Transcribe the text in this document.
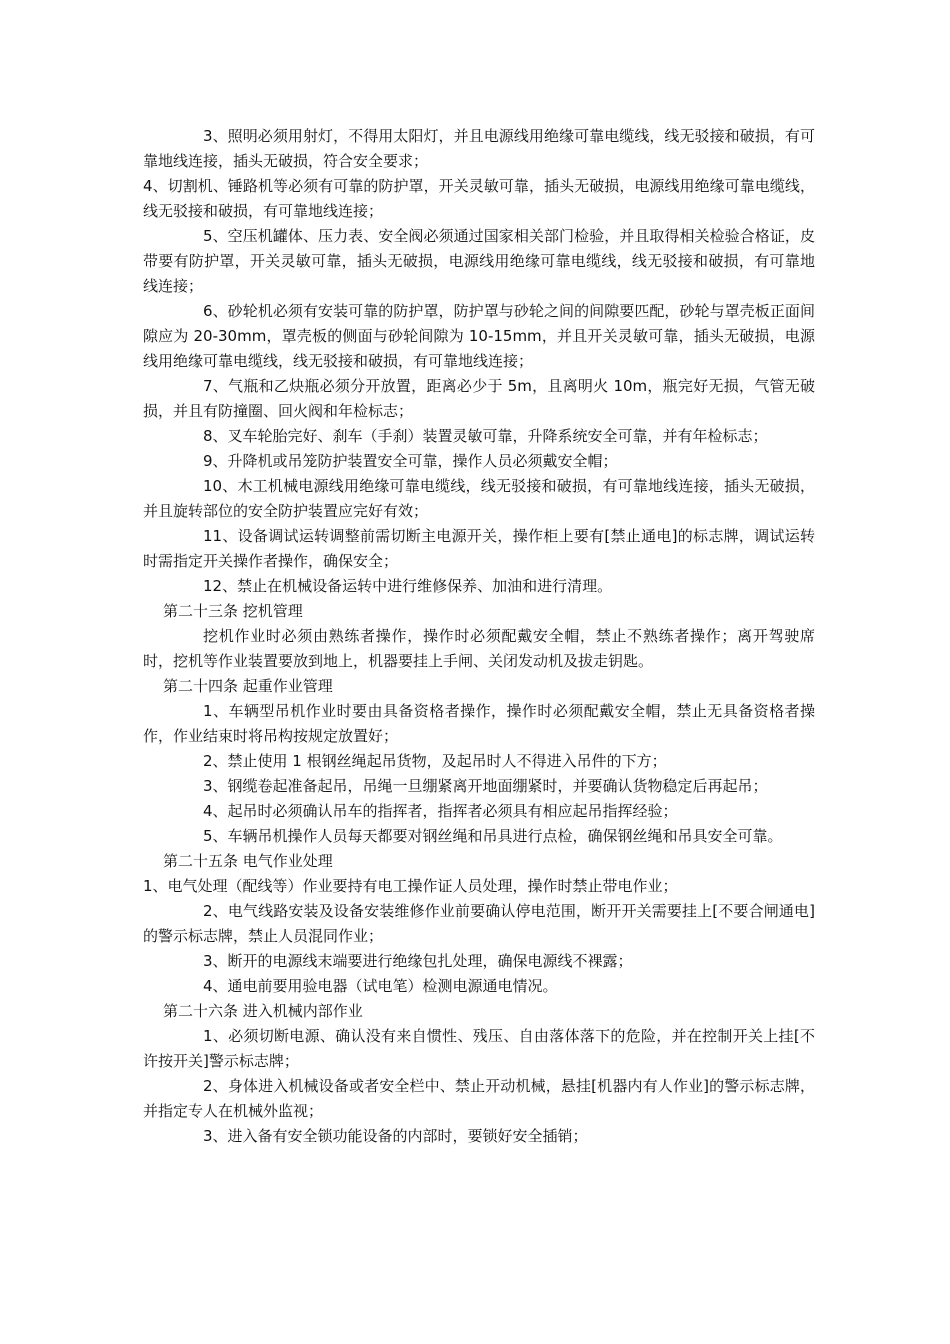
3、照明必须用射灯，不得用太阳灯，并且电源线用绝缘可靠电缆线，线无驳接和破损，有可靠地线连接，插头无破损，符合安全要求；

4、切割机、锤路机等必须有可靠的防护罩，开关灵敏可靠，插头无破损，电源线用绝缘可靠电缆线，线无驳接和破损，有可靠地线连接；

5、空压机罐体、压力表、安全阀必须通过国家相关部门检验，并且取得相关检验合格证，皮带要有防护罩，开关灵敏可靠，插头无破损，电源线用绝缘可靠电缆线，线无驳接和破损，有可靠地线连接；

6、砂轮机必须有安装可靠的防护罩，防护罩与砂轮之间的间隙要匹配，砂轮与罩壳板正面间隙应为 20-30mm，罩壳板的侧面与砂轮间隙为 10-15mm，并且开关灵敏可靠，插头无破损，电源线用绝缘可靠电缆线，线无驳接和破损，有可靠地线连接；

7、气瓶和乙炔瓶必须分开放置，距离必少于 5m，且离明火 10m，瓶完好无损，气管无破损，并且有防撞圈、回火阀和年检标志；

8、叉车轮胎完好、刹车（手刹）装置灵敏可靠，升降系统安全可靠，并有年检标志；

9、升降机或吊笼防护装置安全可靠，操作人员必须戴安全帽；

10、木工机械电源线用绝缘可靠电缆线，线无驳接和破损，有可靠地线连接，插头无破损，并且旋转部位的安全防护装置应完好有效；

11、设备调试运转调整前需切断主电源开关，操作柜上要有[禁止通电]的标志牌，调试运转时需指定开关操作者操作，确保安全；

12、禁止在机械设备运转中进行维修保养、加油和进行清理。

第二十三条 挖机管理

挖机作业时必须由熟练者操作，操作时必须配戴安全帽，禁止不熟练者操作；离开驾驶席时，挖机等作业装置要放到地上，机器要挂上手闸、关闭发动机及拔走钥匙。

第二十四条 起重作业管理

1、车辆型吊机作业时要由具备资格者操作，操作时必须配戴安全帽，禁止无具备资格者操作，作业结束时将吊构按规定放置好；

2、禁止使用 1 根钢丝绳起吊货物，及起吊时人不得进入吊件的下方；

3、钢缆卷起准备起吊，吊绳一旦绷紧离开地面绷紧时，并要确认货物稳定后再起吊；

4、起吊时必须确认吊车的指挥者，指挥者必须具有相应起吊指挥经验；

5、车辆吊机操作人员每天都要对钢丝绳和吊具进行点检，确保钢丝绳和吊具安全可靠。

第二十五条 电气作业处理

1、电气处理（配线等）作业要持有电工操作证人员处理，操作时禁止带电作业；

2、电气线路安装及设备安装维修作业前要确认停电范围，断开开关需要挂上[不要合闸通电]的警示标志牌，禁止人员混同作业；

3、断开的电源线末端要进行绝缘包扎处理，确保电源线不裸露；

4、通电前要用验电器（试电笔）检测电源通电情况。

第二十六条 进入机械内部作业

1、必须切断电源、确认没有来自惯性、残压、自由落体落下的危险，并在控制开关上挂[不许按开关]警示标志牌；

2、身体进入机械设备或者安全栏中、禁止开动机械，悬挂[机器内有人作业]的警示标志牌，并指定专人在机械外监视；

3、进入备有安全锁功能设备的内部时，要锁好安全插销；
